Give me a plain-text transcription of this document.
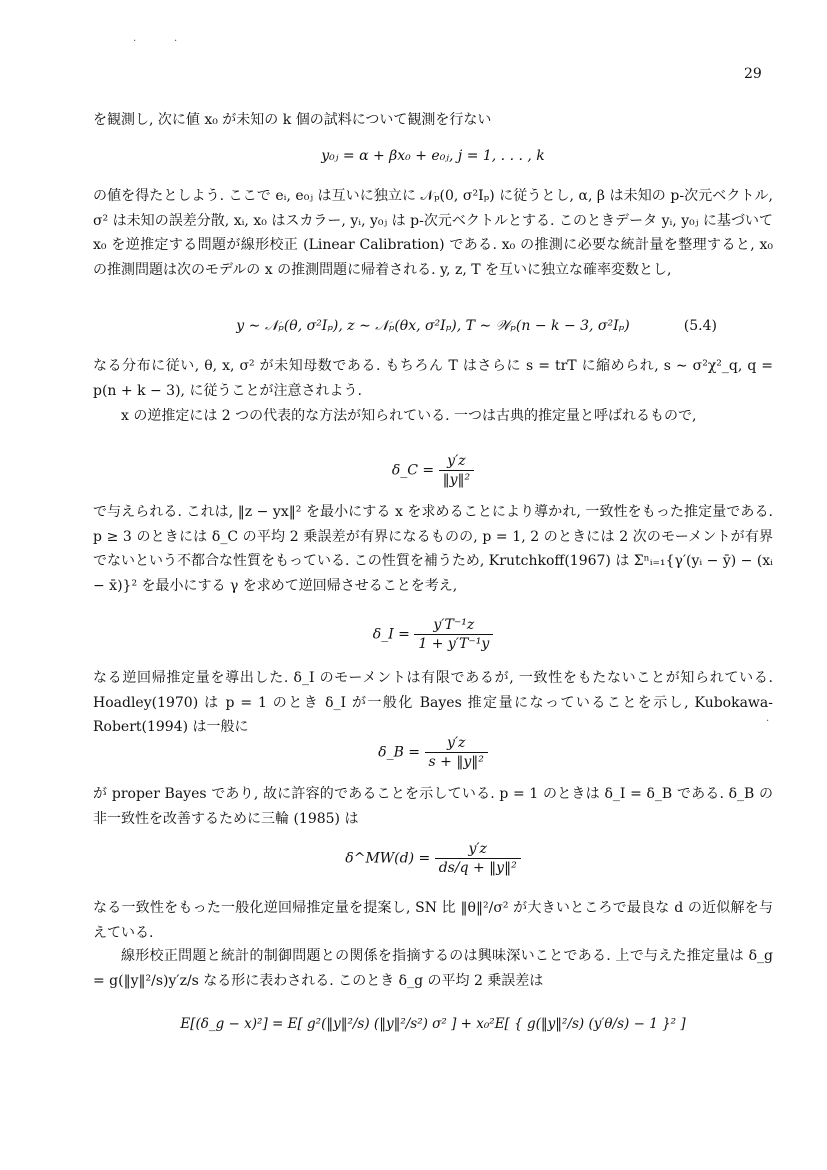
29

を観測し, 次に値 x₀ が未知の k 個の試料について観測を行ない

y₀ⱼ = α + βx₀ + e₀ⱼ, j = 1, . . . , k

の値を得たとしよう. ここで eᵢ, e₀ⱼ は互いに独立に 𝒩ₚ(0, σ²Iₚ) に従うとし, α, β は未知の p-次元ベクトル, σ² は未知の誤差分散, xᵢ, x₀ はスカラー, yᵢ, y₀ⱼ は p-次元ベクトルとする. このときデータ yᵢ, y₀ⱼ に基づいて x₀ を逆推定する問題が線形校正 (Linear Calibration) である. x₀ の推測に必要な統計量を整理すると, x₀ の推測問題は次のモデルの x の推測問題に帰着される. y, z, T を互いに独立な確率変数とし,

y ∼ 𝒩ₚ(θ, σ²Iₚ), z ∼ 𝒩ₚ(θx, σ²Iₚ), T ∼ 𝒲ₚ(n − k − 3, σ²Iₚ)	(5.4)

なる分布に従い, θ, x, σ² が未知母数である. もちろん T はさらに s = trT に縮められ, s ∼ σ²χ²_q, q = p(n + k − 3), に従うことが注意されよう.

x の逆推定には 2 つの代表的な方法が知られている. 一つは古典的推定量と呼ばれるもので,

δ_C = $\frac{y'z}{\text{‖y‖²}}$

で与えられる. これは, ‖z − yx‖² を最小にする x を求めることにより導かれ, 一致性をもった推定量である. p ≥ 3 のときには δ_C の平均 2 乗誤差が有界になるものの, p = 1, 2 のときには 2 次のモーメントが有界でないという不都合な性質をもっている. この性質を補うため, Krutchkoff(1967) は Σⁿᵢ₌₁{γ′(yᵢ − ȳ) − (xᵢ − x̄)}² を最小にする γ を求めて逆回帰させることを考え,

δ_I = $\frac{\text{y′T⁻¹z}}{\text{1 + y′T⁻¹y}}$

なる逆回帰推定量を導出した. δ_I のモーメントは有限であるが, 一致性をもたないことが知られている. Hoadley(1970) は p = 1 のとき δ_I が一般化 Bayes 推定量になっていることを示し, Kubokawa-Robert(1994) は一般に

δ_B = $\frac{y'z}{\text{s + ‖y‖²}}$

が proper Bayes であり, 故に許容的であることを示している. p = 1 のときは δ_I = δ_B である. δ_B の非一致性を改善するために三輪 (1985) は

δ^MW(d) = $\frac{y'z}{\text{ds/q + ‖y‖²}}$

なる一致性をもった一般化逆回帰推定量を提案し, SN 比 ‖θ‖²/σ² が大きいところで最良な d の近似解を与えている.

線形校正問題と統計的制御問題との関係を指摘するのは興味深いことである. 上で与えた推定量は δ_g = g(‖y‖²/s)y′z/s なる形に表わされる. このとき δ_g の平均 2 乗誤差は

E[(δ_g − x)²] = E[ g²(‖y‖²/s) (‖y‖²/s²) σ² ] + x₀²E[ { g(‖y‖²/s) (y′θ/s) − 1 }² ]

·	·
·
